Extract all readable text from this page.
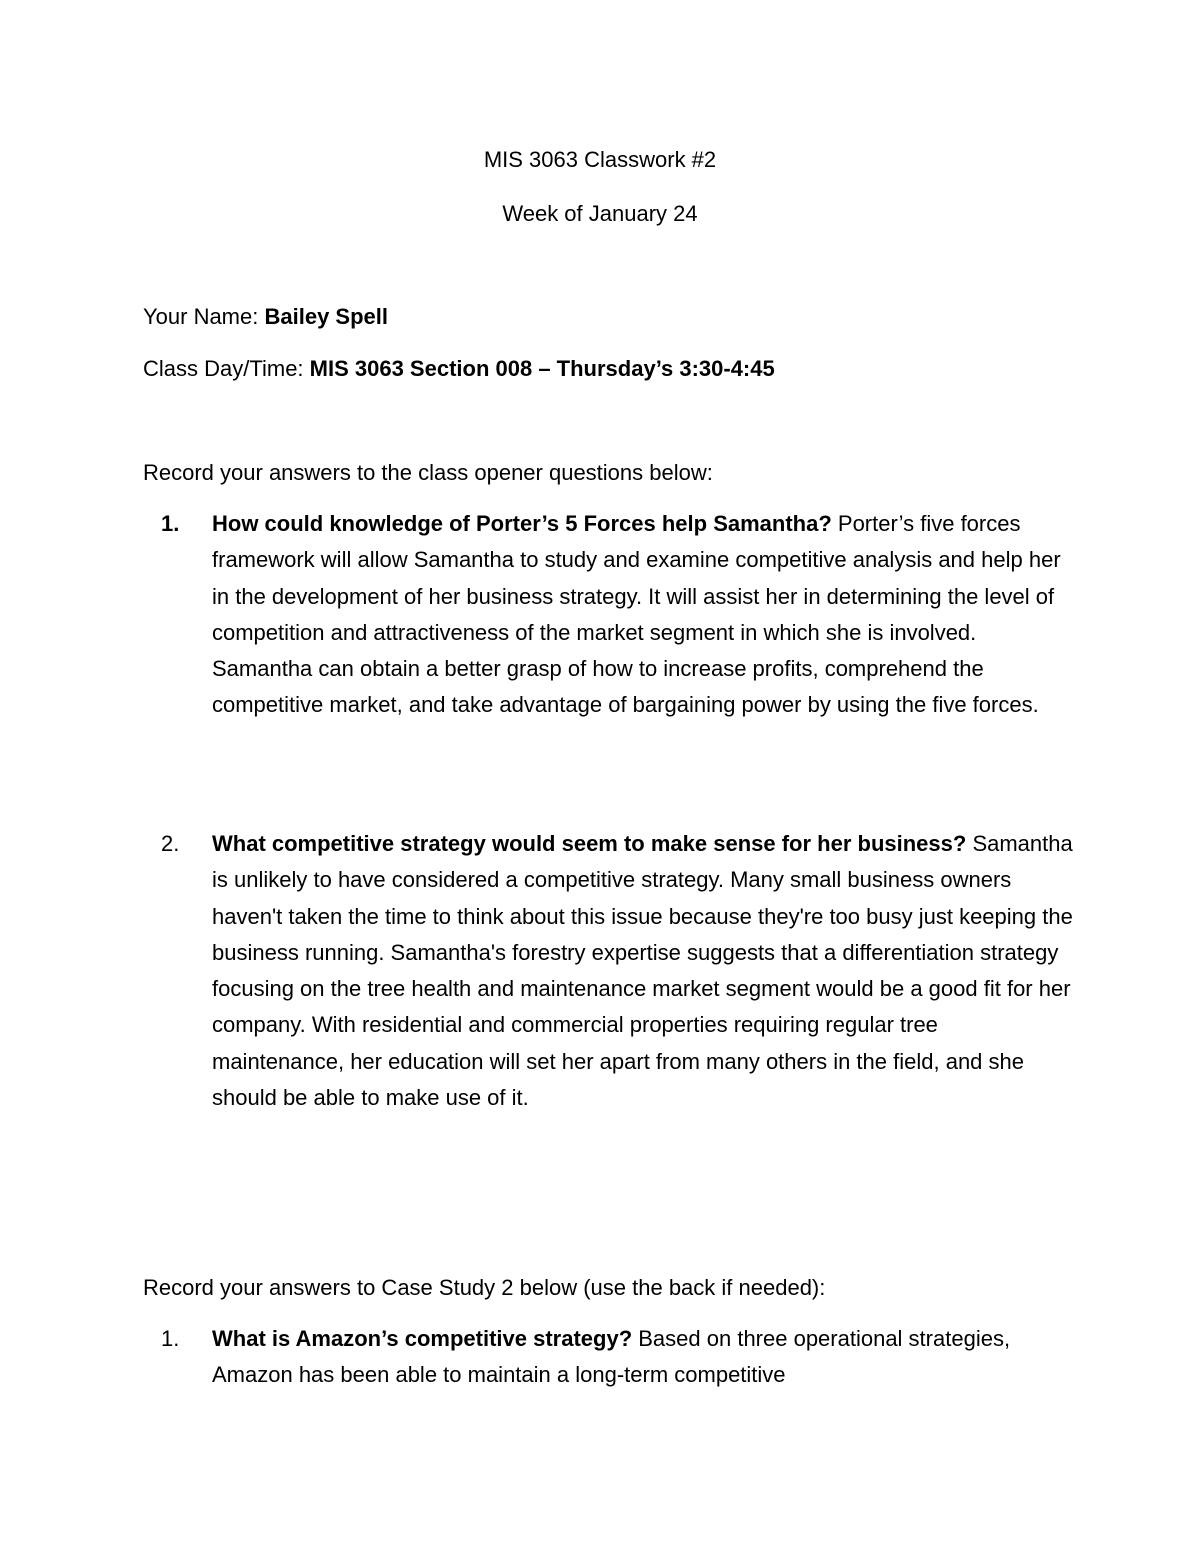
MIS 3063 Classwork #2
Week of January 24
Your Name: Bailey Spell
Class Day/Time: MIS 3063 Section 008 – Thursday’s 3:30-4:45
Record your answers to the class opener questions below:
1. How could knowledge of Porter’s 5 Forces help Samantha? Porter’s five forces framework will allow Samantha to study and examine competitive analysis and help her in the development of her business strategy. It will assist her in determining the level of competition and attractiveness of the market segment in which she is involved. Samantha can obtain a better grasp of how to increase profits, comprehend the competitive market, and take advantage of bargaining power by using the five forces.
2. What competitive strategy would seem to make sense for her business? Samantha is unlikely to have considered a competitive strategy. Many small business owners haven't taken the time to think about this issue because they're too busy just keeping the business running. Samantha's forestry expertise suggests that a differentiation strategy focusing on the tree health and maintenance market segment would be a good fit for her company. With residential and commercial properties requiring regular tree maintenance, her education will set her apart from many others in the field, and she should be able to make use of it.
Record your answers to Case Study 2 below (use the back if needed):
1. What is Amazon’s competitive strategy? Based on three operational strategies, Amazon has been able to maintain a long-term competitive
